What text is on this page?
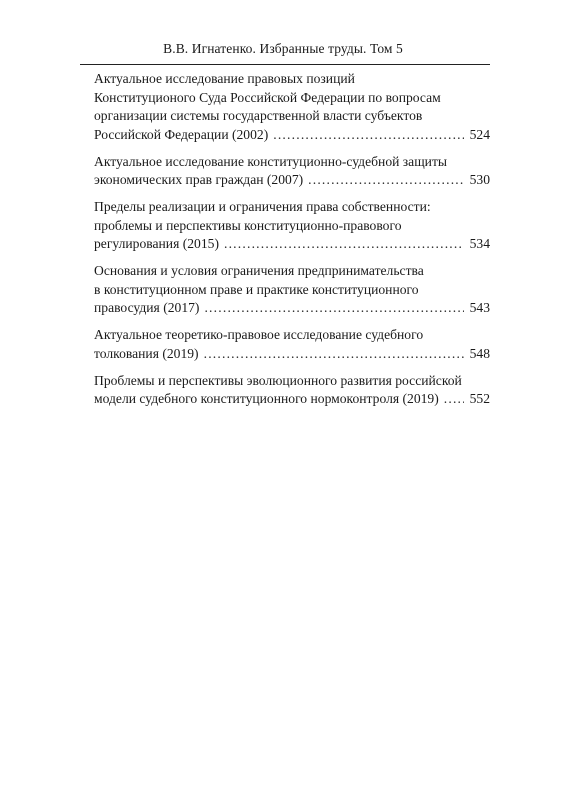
В.В. Игнатенко. Избранные труды. Том 5
Актуальное исследование правовых позиций
Конституционого Суда Российской Федерации по вопросам
организации системы государственной власти субъектов
Российской Федерации (2002) .....	524
Актуальное исследование конституционно-судебной защиты
экономических прав граждан (2007) .....	530
Пределы реализации и ограничения права собственности:
проблемы и перспективы конституционно-правового
регулирования (2015) .....	534
Основания и условия ограничения предпринимательства
в конституционном праве и практике конституционного
правосудия (2017) .....	543
Актуальное теоретико-правовое исследование судебного
толкования (2019) .....	548
Проблемы и перспективы эволюционного развития российской
модели судебного конституционного нормоконтроля (2019) ..... 552
